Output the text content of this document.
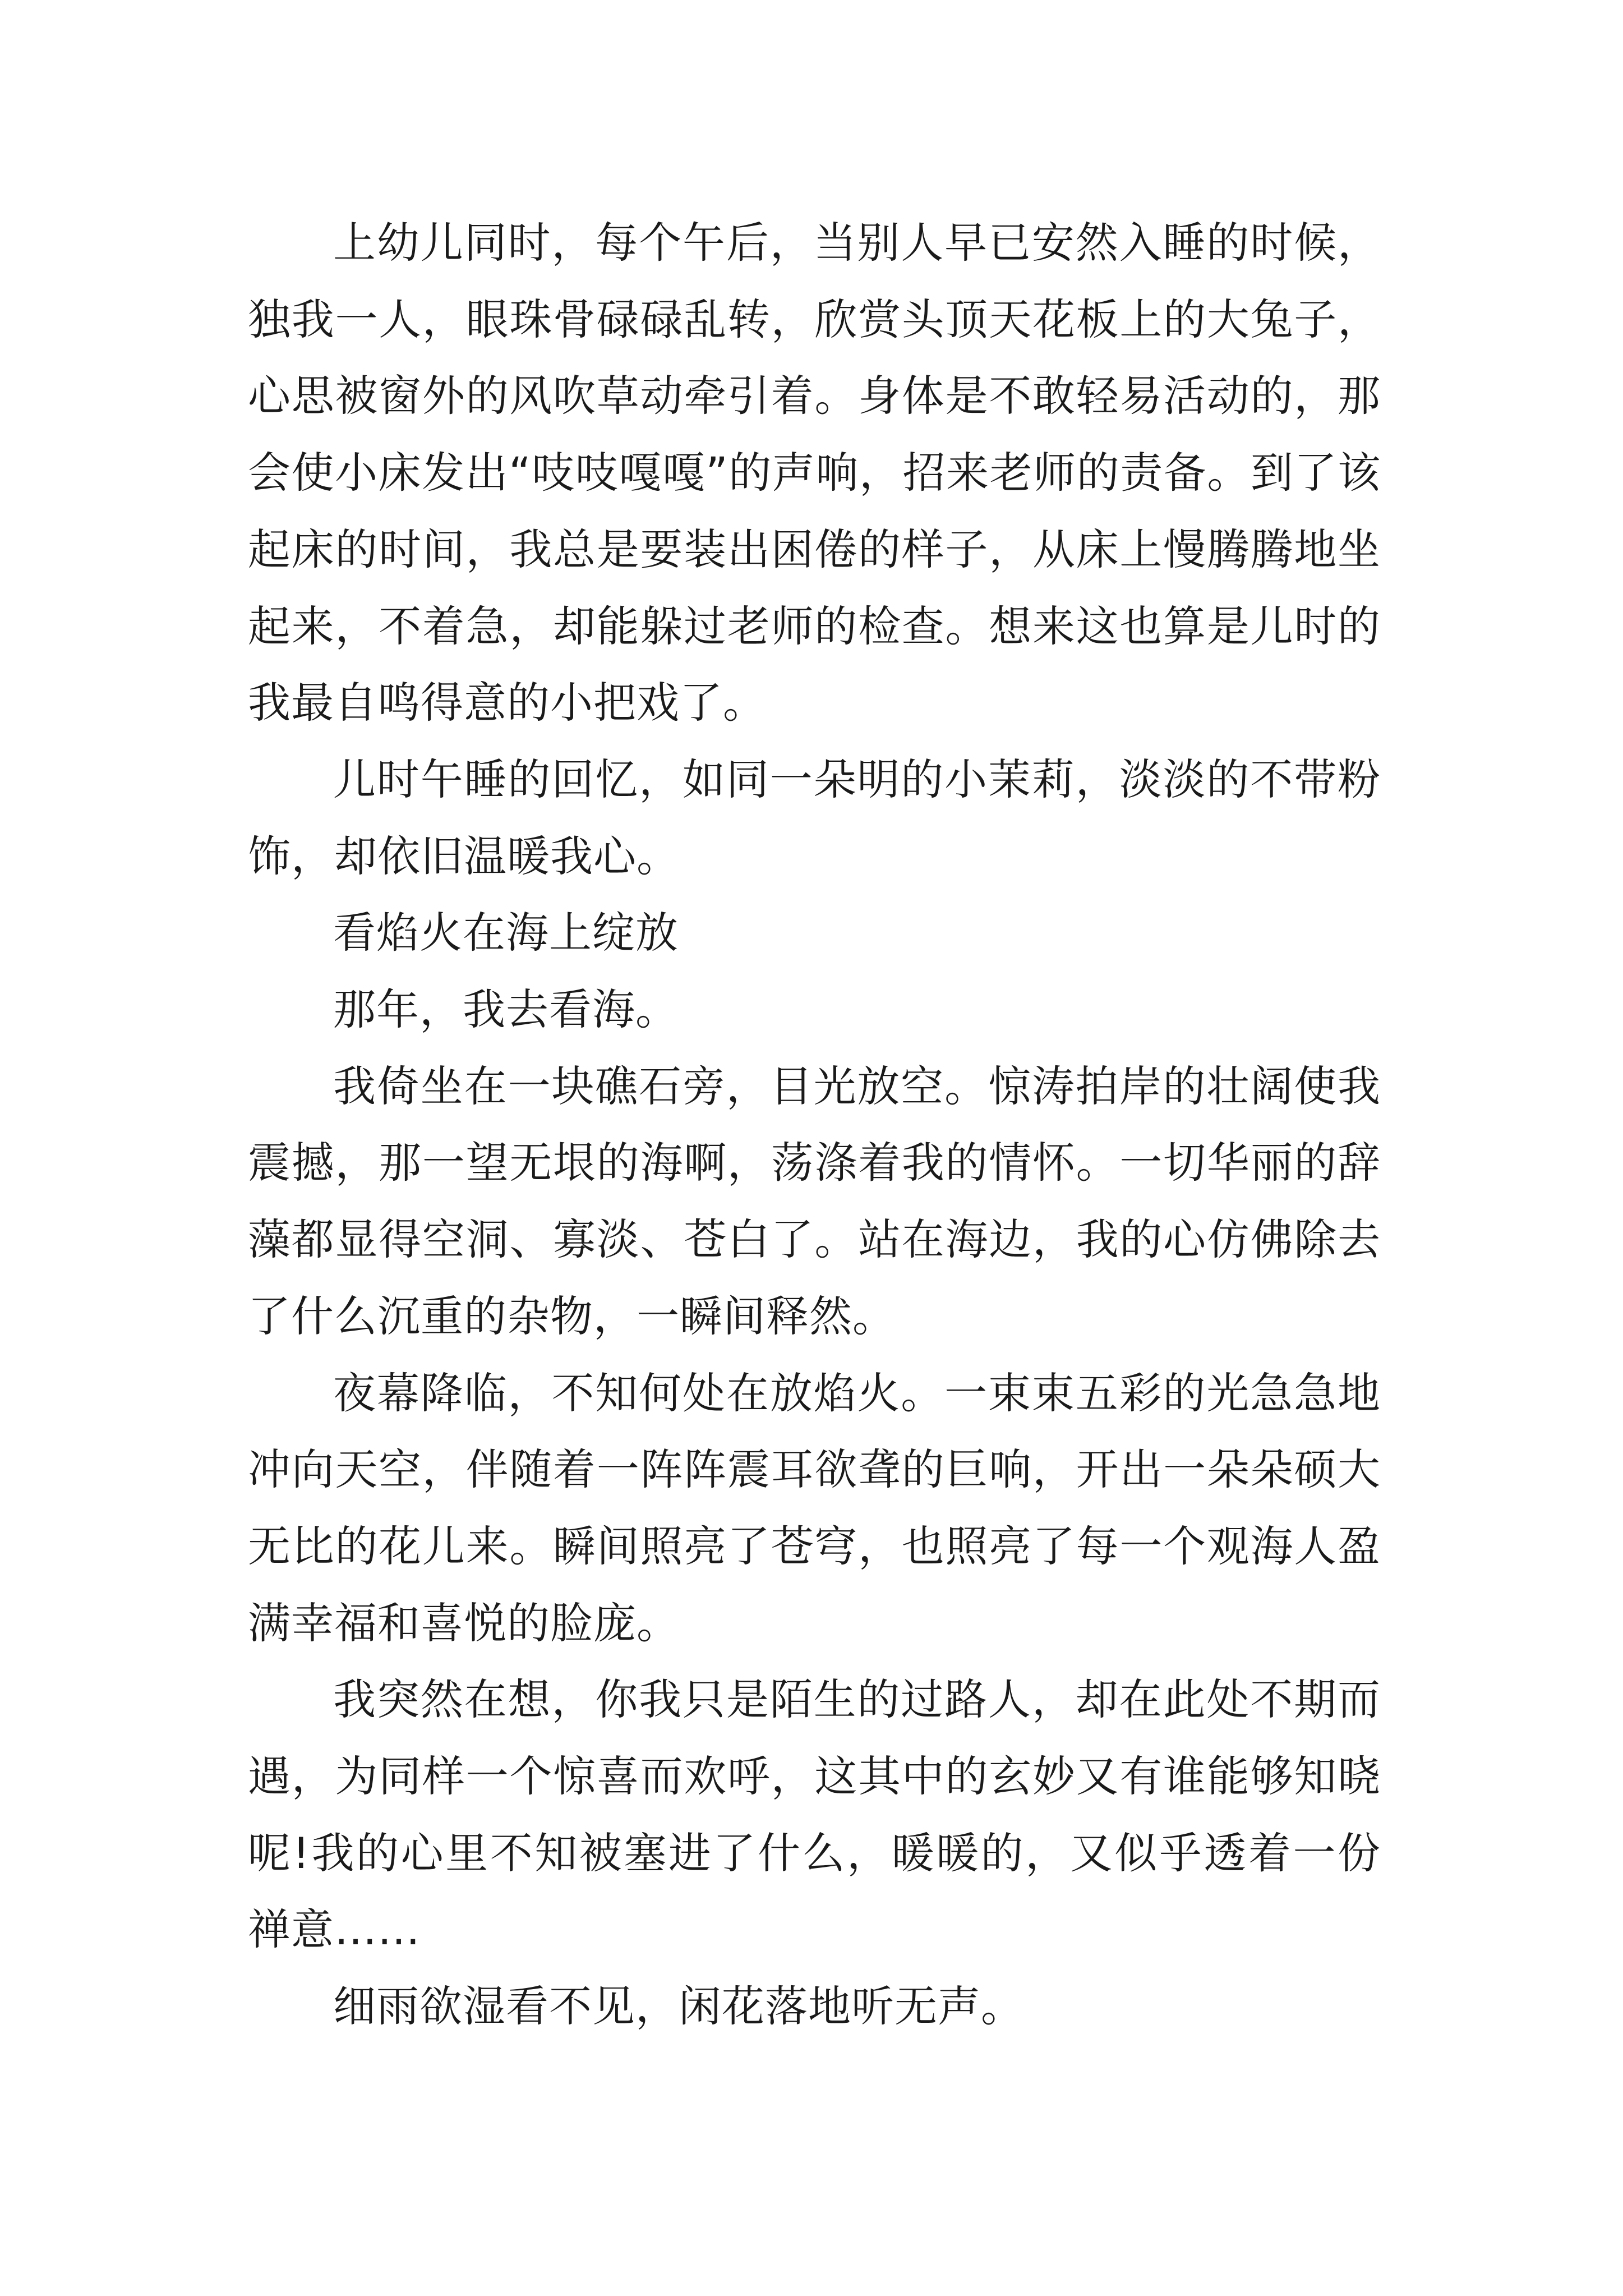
上幼儿同时，每个午后，当别人早已安然入睡的时候，独我一人，眼珠骨碌碌乱转，欣赏头顶天花板上的大兔子，心思被窗外的风吹草动牵引着。身体是不敢轻易活动的，那会使小床发出“吱吱嘎嘎”的声响，招来老师的责备。到了该起床的时间，我总是要装出困倦的样子，从床上慢腾腾地坐起来，不着急，却能躲过老师的检查。想来这也算是儿时的我最自鸣得意的小把戏了。

儿时午睡的回忆，如同一朵明的小茉莉，淡淡的不带粉饰，却依旧温暖我心。

看焰火在海上绽放

那年，我去看海。

我倚坐在一块礁石旁，目光放空。惊涛拍岸的壮阔使我震撼，那一望无垠的海啊，荡涤着我的情怀。一切华丽的辞藻都显得空洞、寡淡、苍白了。站在海边，我的心仿佛除去了什么沉重的杂物，一瞬间释然。

夜幕降临，不知何处在放焰火。一束束五彩的光急急地冲向天空，伴随着一阵阵震耳欲聋的巨响，开出一朵朵硕大无比的花儿来。瞬间照亮了苍穹，也照亮了每一个观海人盈满幸福和喜悦的脸庞。

我突然在想，你我只是陌生的过路人，却在此处不期而遇，为同样一个惊喜而欢呼，这其中的玄妙又有谁能够知晓呢!我的心里不知被塞进了什么，暖暖的，又似乎透着一份禅意……

细雨欲湿看不见，闲花落地听无声。
